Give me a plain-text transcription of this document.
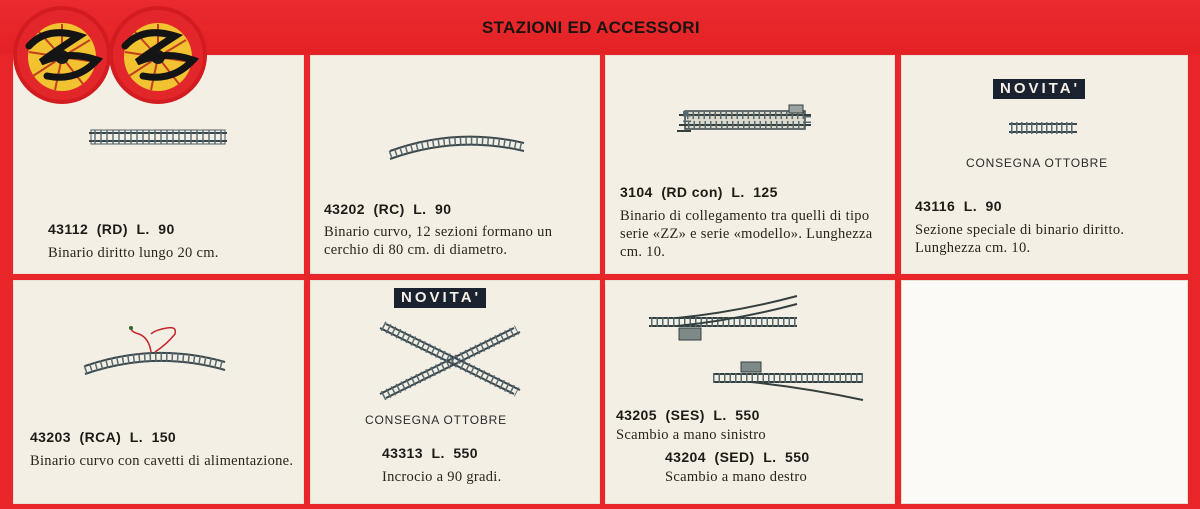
STAZIONI ED ACCESSORI
43112  (RD)  L.  90
Binario diritto lungo 20 cm.
43202  (RC)  L.  90
Binario curvo, 12 sezioni formano un cerchio di 80 cm. di diametro.
3104  (RD con)  L.  125
Binario di collegamento tra quelli di tipo serie «ZZ» e serie «modello». Lunghezza cm. 10.
NOVITA'
CONSEGNA OTTOBRE
43116  L.  90
Sezione speciale di binario diritto. Lunghezza cm. 10.
43203  (RCA)  L.  150
Binario curvo con cavetti di alimentazione.
NOVITA'
CONSEGNA OTTOBRE
43313  L.  550
Incrocio a 90 gradi.
43205  (SES)  L.  550
Scambio a mano sinistro
43204  (SED)  L.  550
Scambio a mano destro
